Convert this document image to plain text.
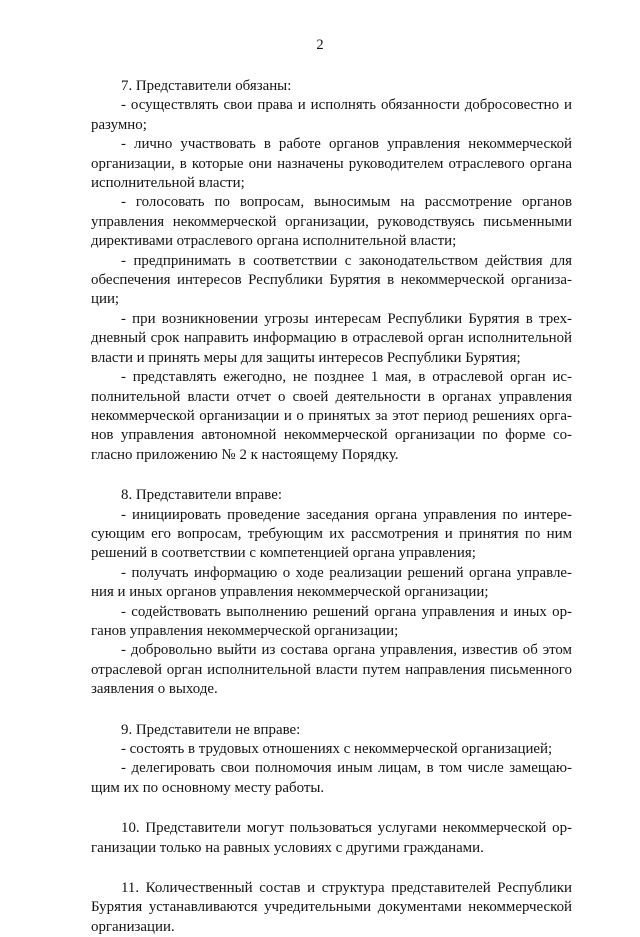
2

7. Представители обязаны:

- осуществлять свои права и исполнять обязанности добросовестно и разумно;

- лично участвовать в работе органов управления некоммерческой организации, в которые они назначены руководителем отраслевого органа исполнительной власти;

- голосовать по вопросам, выносимым на рассмотрение органов управления некоммерческой организации, руководствуясь письменными директивами отраслевого органа исполнительной власти;

- предпринимать в соответствии с законодательством действия для обеспечения интересов Республики Бурятия в некоммерческой организации;

- при возникновении угрозы интересам Республики Бурятия в трехдневный срок направить информацию в отраслевой орган исполнительной власти и принять меры для защиты интересов Республики Бурятия;

- представлять ежегодно, не позднее 1 мая, в отраслевой орган исполнительной власти отчет о своей деятельности в органах управления некоммерческой организации и о принятых за этот период решениях органов управления автономной некоммерческой организации по форме согласно приложению № 2 к настоящему Порядку.

8. Представители вправе:

- инициировать проведение заседания органа управления по интересующим его вопросам, требующим их рассмотрения и принятия по ним решений в соответствии с компетенцией органа управления;

- получать информацию о ходе реализации решений органа управления и иных органов управления некоммерческой организации;

- содействовать выполнению решений органа управления и иных органов управления некоммерческой организации;

- добровольно выйти из состава органа управления, известив об этом отраслевой орган исполнительной власти путем направления письменного заявления о выходе.

9. Представители не вправе:

- состоять в трудовых отношениях с некоммерческой организацией;

- делегировать свои полномочия иным лицам, в том числе замещающим их по основному месту работы.

10. Представители могут пользоваться услугами некоммерческой организации только на равных условиях с другими гражданами.

11. Количественный состав и структура представителей Республики Бурятия устанавливаются учредительными документами некоммерческой организации.
